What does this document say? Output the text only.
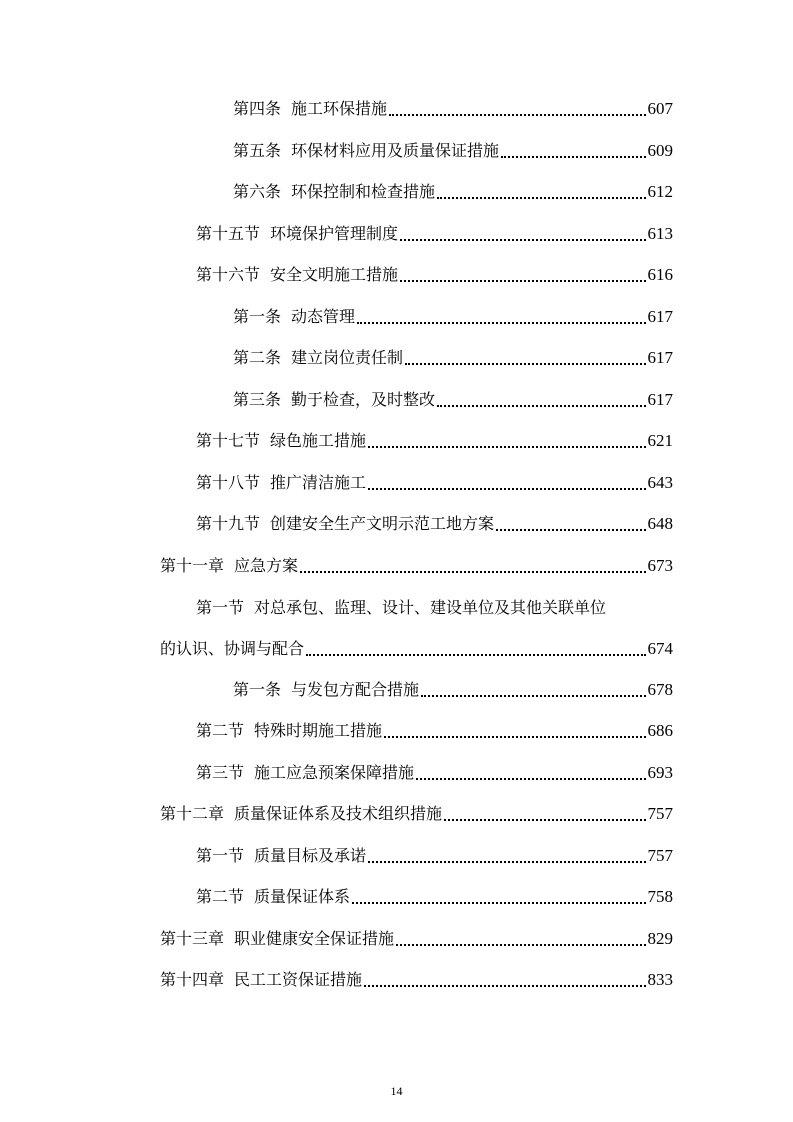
第四条 施工环保措施	607
第五条 环保材料应用及质量保证措施	609
第六条 环保控制和检查措施	612
第十五节 环境保护管理制度	613
第十六节 安全文明施工措施	616
第一条 动态管理	617
第二条 建立岗位责任制	617
第三条 勤于检查，及时整改	617
第十七节 绿色施工措施	621
第十八节 推广清洁施工	643
第十九节 创建安全生产文明示范工地方案	648
第十一章 应急方案	673
第一节 对总承包、监理、设计、建设单位及其他关联单位
的认识、协调与配合	674
第一条 与发包方配合措施	678
第二节 特殊时期施工措施	686
第三节 施工应急预案保障措施	693
第十二章 质量保证体系及技术组织措施	757
第一节 质量目标及承诺	757
第二节 质量保证体系	758
第十三章 职业健康安全保证措施	829
第十四章 民工工资保证措施	833
14
